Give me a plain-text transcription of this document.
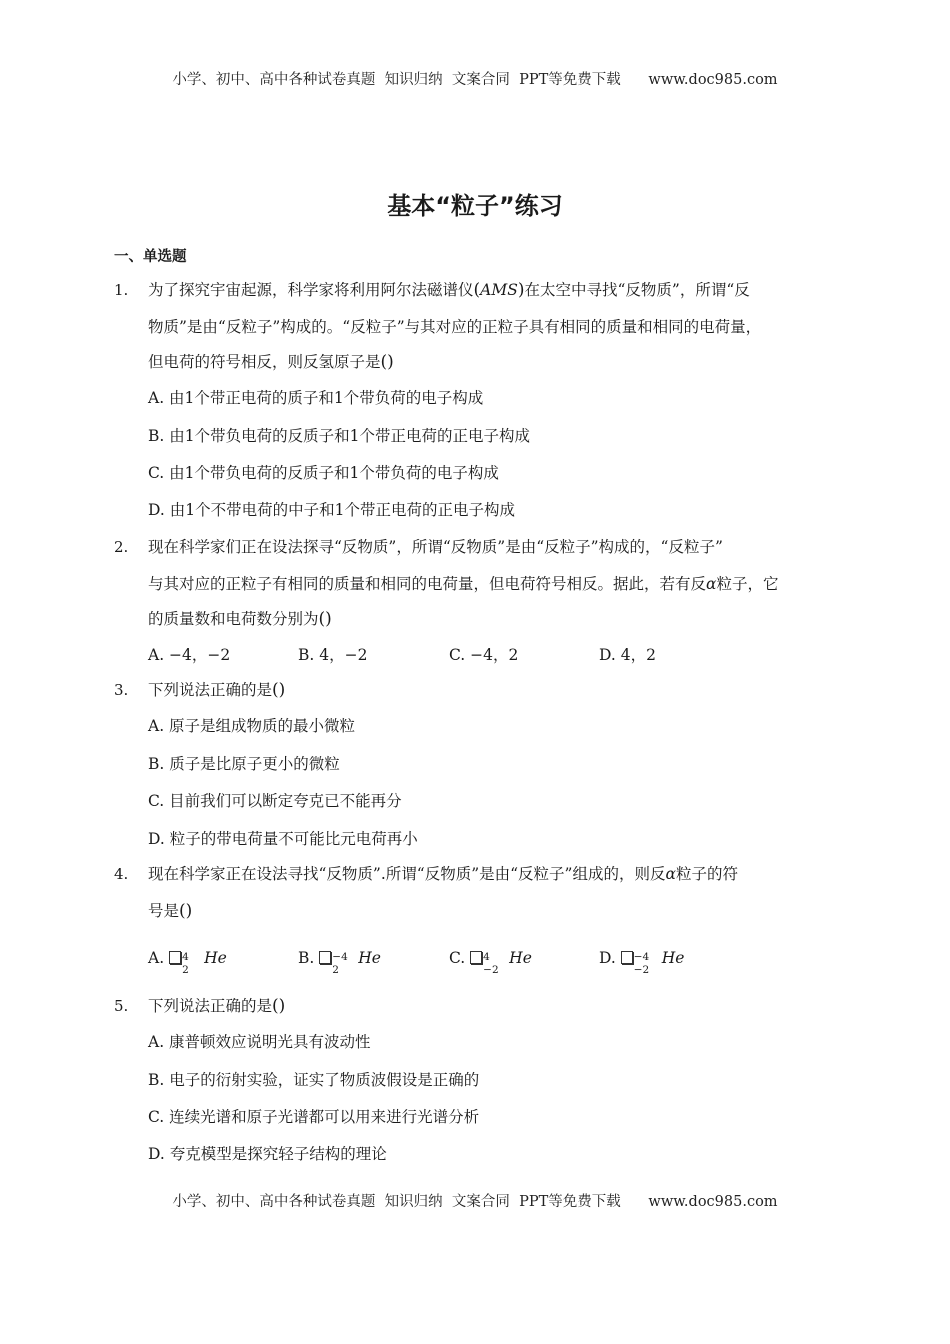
小学、初中、高中各种试卷真题  知识归纳  文案合同  PPT等免费下载      www.doc985.com
基本“粒子”练习
一、单选题
1. 为了探究宇宙起源，科学家将利用阿尔法磁谱仪(AMS)在太空中寻找“反物质”，所谓“反
物质”是由“反粒子”构成的。“反粒子”与其对应的正粒子具有相同的质量和相同的电荷量，
但电荷的符号相反，则反氢原子是()
A. 由1个带正电荷的质子和1个带负荷的电子构成
B. 由1个带负电荷的反质子和1个带正电荷的正电子构成
C. 由1个带负电荷的反质子和1个带负荷的电子构成
D. 由1个不带电荷的中子和1个带正电荷的正电子构成
2. 现在科学家们正在设法探寻“反物质”，所谓“反物质”是由“反粒子”构成的，“反粒子”
与其对应的正粒子有相同的质量和相同的电荷量，但电荷符号相反。据此，若有反α粒子，它
的质量数和电荷数分别为()
A. −4，−2	B. 4，−2	C. −4，2	D. 4，2
3. 下列说法正确的是()
A. 原子是组成物质的最小微粒
B. 质子是比原子更小的微粒
C. 目前我们可以断定夸克已不能再分
D. 粒子的带电荷量不可能比元电荷再小
4. 现在科学家正在设法寻找“反物质”.所谓“反物质”是由“反粒子”组成的，则反α粒子的符
号是()
A. 4
2
He	B. −4
2
He	C. 4
−2
He	D. −4
−2
He
5. 下列说法正确的是()
A. 康普顿效应说明光具有波动性
B. 电子的衍射实验，证实了物质波假设是正确的
C. 连续光谱和原子光谱都可以用来进行光谱分析
D. 夸克模型是探究轻子结构的理论
小学、初中、高中各种试卷真题  知识归纳  文案合同  PPT等免费下载      www.doc985.com
